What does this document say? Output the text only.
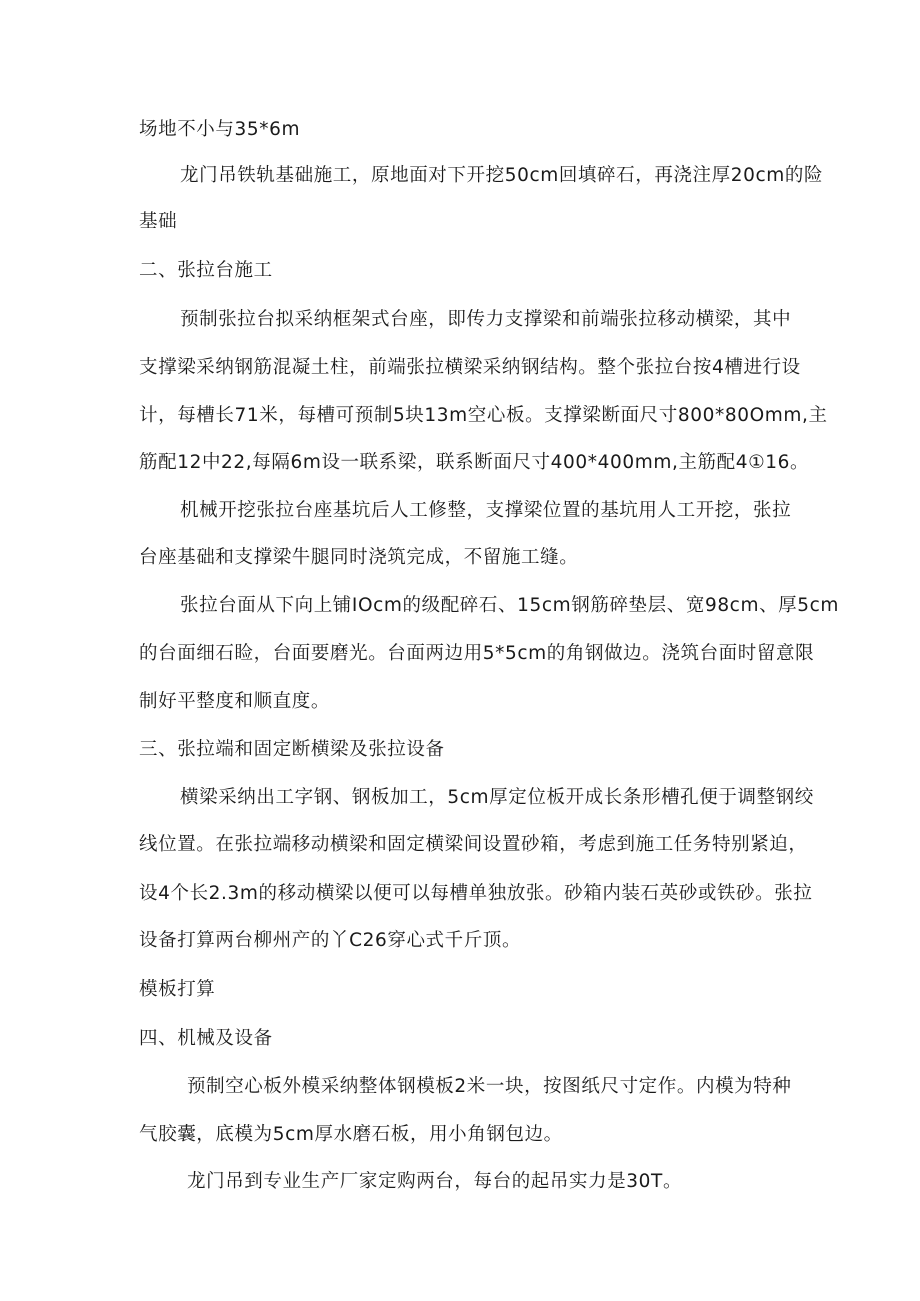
场地不小与35*6m
龙门吊铁轨基础施工，原地面对下开挖50cm回填碎石，再浇注厚20cm的险
基础
二、张拉台施工
预制张拉台拟采纳框架式台座，即传力支撑梁和前端张拉移动横梁，其中
支撑梁采纳钢筋混凝土柱，前端张拉横梁采纳钢结构。整个张拉台按4槽进行设
计，每槽长71米，每槽可预制5块13m空心板。支撑梁断面尺寸800*80Omm,主
筋配12中22,每隔6m设一联系梁，联系断面尺寸400*400mm,主筋配4①16。
机械开挖张拉台座基坑后人工修整，支撑梁位置的基坑用人工开挖，张拉
台座基础和支撑梁牛腿同时浇筑完成，不留施工缝。
张拉台面从下向上铺IOcm的级配碎石、15cm钢筋碎垫层、宽98cm、厚5cm
的台面细石睑，台面要磨光。台面两边用5*5cm的角钢做边。浇筑台面时留意限
制好平整度和顺直度。
三、张拉端和固定断横梁及张拉设备
横梁采纳出工字钢、钢板加工，5cm厚定位板开成长条形槽孔便于调整钢绞
线位置。在张拉端移动横梁和固定横梁间设置砂箱，考虑到施工任务特别紧迫，
设4个长2.3m的移动横梁以便可以每槽单独放张。砂箱内装石英砂或铁砂。张拉
设备打算两台柳州产的丫C26穿心式千斤顶。
模板打算
四、机械及设备
预制空心板外模采纳整体钢模板2米一块，按图纸尺寸定作。内模为特种
气胶囊，底模为5cm厚水磨石板，用小角钢包边。
龙门吊到专业生产厂家定购两台，每台的起吊实力是30T。
